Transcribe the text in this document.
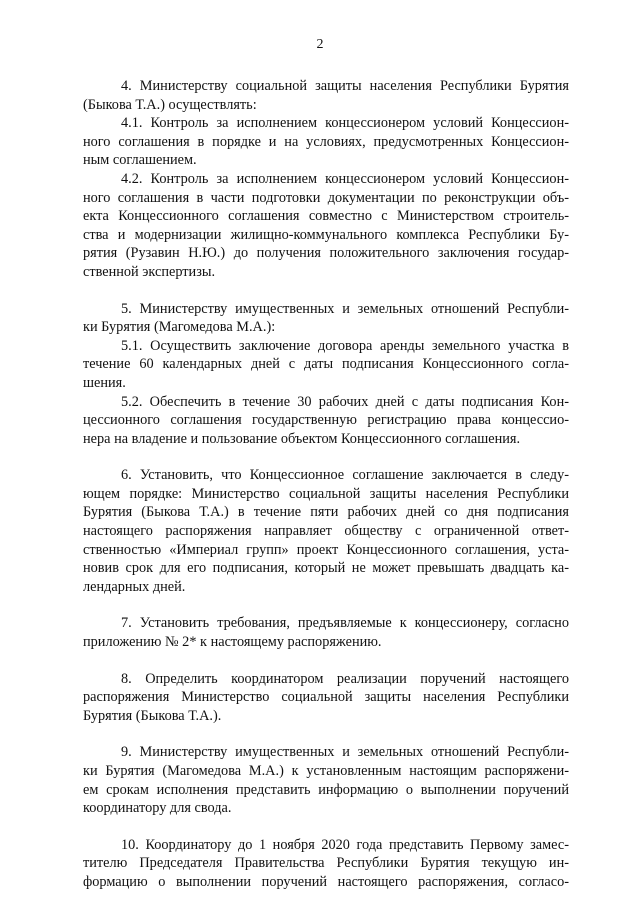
2
4. Министерству социальной защиты населения Республики Бурятия
(Быкова Т.А.) осуществлять:
4.1. Контроль за исполнением концессионером условий Концессион-
ного соглашения в порядке и на условиях, предусмотренных Концессион-
ным соглашением.
4.2. Контроль за исполнением концессионером условий Концессион-
ного соглашения в части подготовки документации по реконструкции объ-
екта Концессионного соглашения совместно с Министерством строитель-
ства и модернизации жилищно-коммунального комплекса Республики Бу-
рятия (Рузавин Н.Ю.) до получения положительного заключения государ-
ственной экспертизы.
5. Министерству имущественных и земельных отношений Республи-
ки Бурятия (Магомедова М.А.):
5.1. Осуществить заключение договора аренды земельного участка в
течение 60 календарных дней с даты подписания Концессионного согла-
шения.
5.2. Обеспечить в течение 30 рабочих дней с даты подписания Кон-
цессионного соглашения государственную регистрацию права концессио-
нера на владение и пользование объектом Концессионного соглашения.
6. Установить, что Концессионное соглашение заключается в следу-
ющем порядке: Министерство социальной защиты населения Республики
Бурятия (Быкова Т.А.) в течение пяти рабочих дней со дня подписания
настоящего распоряжения направляет обществу с ограниченной ответ-
ственностью «Империал групп» проект Концессионного соглашения, уста-
новив срок для его подписания, который не может превышать двадцать ка-
лендарных дней.
7. Установить требования, предъявляемые к концессионеру, согласно
приложению № 2* к настоящему распоряжению.
8. Определить координатором реализации поручений настоящего
распоряжения Министерство социальной защиты населения Республики
Бурятия (Быкова Т.А.).
9. Министерству имущественных и земельных отношений Республи-
ки Бурятия (Магомедова М.А.) к установленным настоящим распоряжени-
ем срокам исполнения представить информацию о выполнении поручений
координатору для свода.
10. Координатору до 1 ноября 2020 года представить Первому замес-
тителю Председателя Правительства Республики Бурятия текущую ин-
формацию о выполнении поручений настоящего распоряжения, согласо-
